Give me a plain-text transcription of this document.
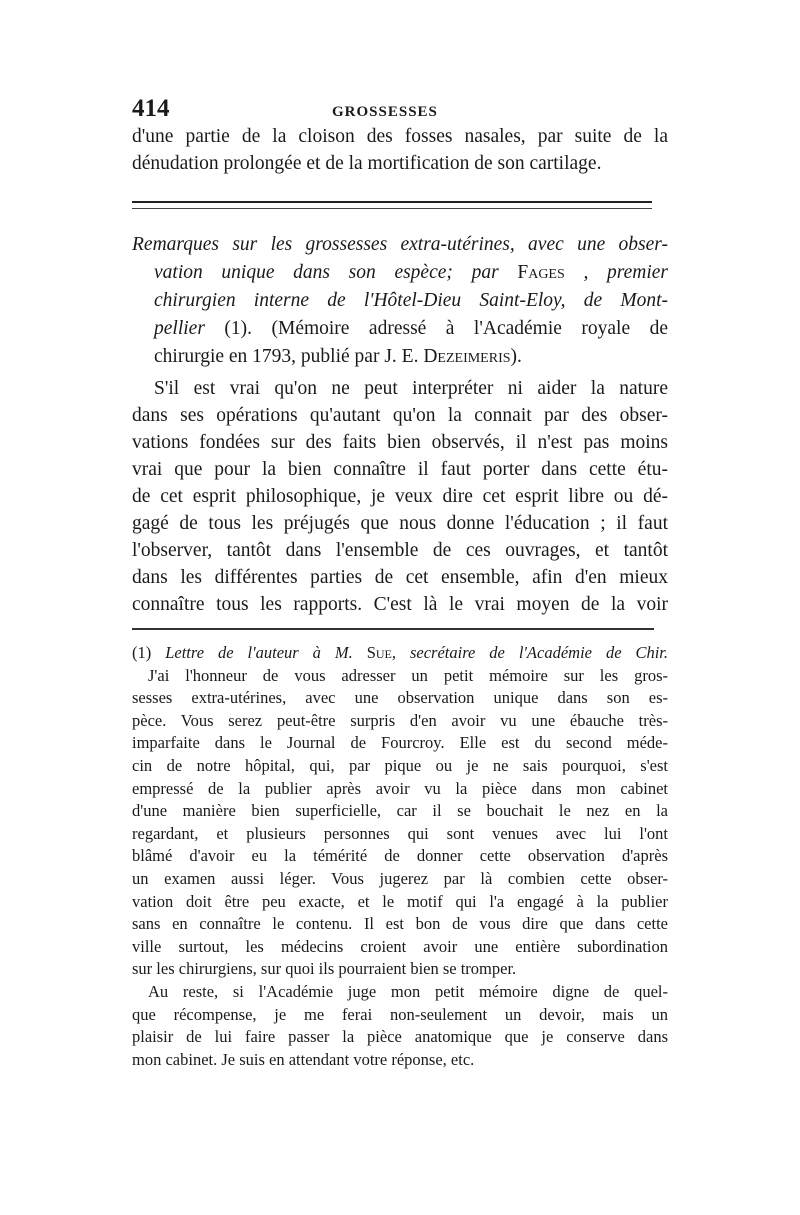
414	GROSSESSES
d'une partie de la cloison des fosses nasales, par suite de la
dénudation prolongée et de la mortification de son cartilage.
Remarques sur les grossesses extra-utérines, avec une obser-
vation unique dans son espèce; par Fages , premier
chirurgien interne de l'Hôtel-Dieu Saint-Eloy, de Mont-
pellier (1). (Mémoire adressé à l'Académie royale de
chirurgie en 1793, publié par J. E. Dezeimeris).
S'il est vrai qu'on ne peut interpréter ni aider la nature
dans ses opérations qu'autant qu'on la connait par des obser-
vations fondées sur des faits bien observés, il n'est pas moins
vrai que pour la bien connaître il faut porter dans cette étu-
de cet esprit philosophique, je veux dire cet esprit libre ou dé-
gagé de tous les préjugés que nous donne l'éducation ; il faut
l'observer, tantôt dans l'ensemble de ces ouvrages, et tantôt
dans les différentes parties de cet ensemble, afin d'en mieux
connaître tous les rapports. C'est là le vrai moyen de la voir
(1) Lettre de l'auteur à M. Sue, secrétaire de l'Académie de Chir.
J'ai l'honneur de vous adresser un petit mémoire sur les gros-
sesses extra-utérines, avec une observation unique dans son es-
pèce. Vous serez peut-être surpris d'en avoir vu une ébauche très-
imparfaite dans le Journal de Fourcroy. Elle est du second méde-
cin de notre hôpital, qui, par pique ou je ne sais pourquoi, s'est
empressé de la publier après avoir vu la pièce dans mon cabinet
d'une manière bien superficielle, car il se bouchait le nez en la
regardant, et plusieurs personnes qui sont venues avec lui l'ont
blâmé d'avoir eu la témérité de donner cette observation d'après
un examen aussi léger. Vous jugerez par là combien cette obser-
vation doit être peu exacte, et le motif qui l'a engagé à la publier
sans en connaître le contenu. Il est bon de vous dire que dans cette
ville surtout, les médecins croient avoir une entière subordination
sur les chirurgiens, sur quoi ils pourraient bien se tromper.
Au reste, si l'Académie juge mon petit mémoire digne de quel-
que récompense, je me ferai non-seulement un devoir, mais un
plaisir de lui faire passer la pièce anatomique que je conserve dans
mon cabinet. Je suis en attendant votre réponse, etc.
